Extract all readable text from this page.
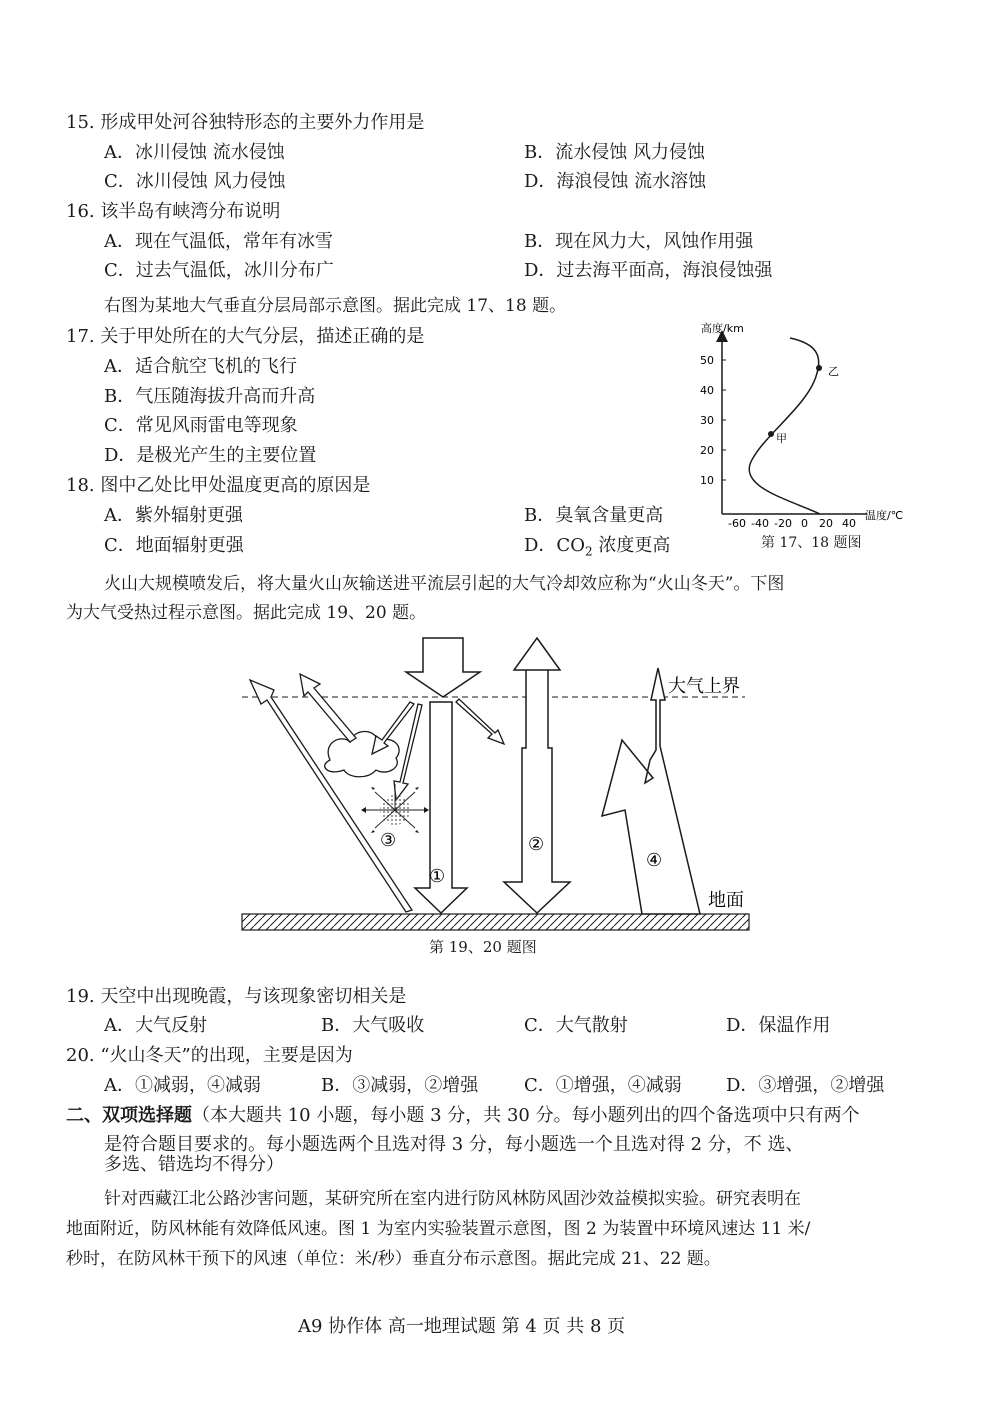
15. 形成甲处河谷独特形态的主要外力作用是
A．冰川侵蚀 流水侵蚀	B．流水侵蚀 风力侵蚀
C．冰川侵蚀 风力侵蚀	D．海浪侵蚀 流水溶蚀
16. 该半岛有峡湾分布说明
A．现在气温低，常年有冰雪	B．现在风力大，风蚀作用强
C．过去气温低，冰川分布广	D．过去海平面高，海浪侵蚀强
右图为某地大气垂直分层局部示意图。据此完成 17、18 题。
17. 关于甲处所在的大气分层，描述正确的是
A．适合航空飞机的飞行
B．气压随海拔升高而升高
C．常见风雨雷电等现象
D．是极光产生的主要位置
18. 图中乙处比甲处温度更高的原因是
A．紫外辐射更强	B．臭氧含量更高
C．地面辐射更强	D．$CO_2$ 浓度更高
高度/km
温度/℃
50
40
30
20
10
-60 -40 -20 0 20 40
甲
乙
第 17、18 题图
火山大规模喷发后，将大量火山灰输送进平流层引起的大气冷却效应称为“火山冬天”。下图
为大气受热过程示意图。据此完成 19、20 题。
大气上界
地面
①
②
④
③
第 19、20 题图
19. 天空中出现晚霞，与该现象密切相关是
A．大气反射	B．大气吸收	C．大气散射	D．保温作用
20. “火山冬天”的出现，主要是因为
A．①减弱，④减弱	B．③减弱，②增强	C．①增强，④减弱 D．③增强，②增强
二、双项选择题（本大题共 10 小题，每小题 3 分，共 30 分。每小题列出的四个备选项中只有两个
是符合题目要求的。每小题选两个且选对得 3 分，每小题选一个且选对得 2 分，不 选、
多选、错选均不得分）
针对西藏江北公路沙害问题，某研究所在室内进行防风林防风固沙效益模拟实验。研究表明在
地面附近，防风林能有效降低风速。图 1 为室内实验装置示意图，图 2 为装置中环境风速达 11 米/
秒时，在防风林干预下的风速（单位：米/秒）垂直分布示意图。据此完成 21、22 题。
A9 协作体 高一地理试题 第 4 页 共 8 页
